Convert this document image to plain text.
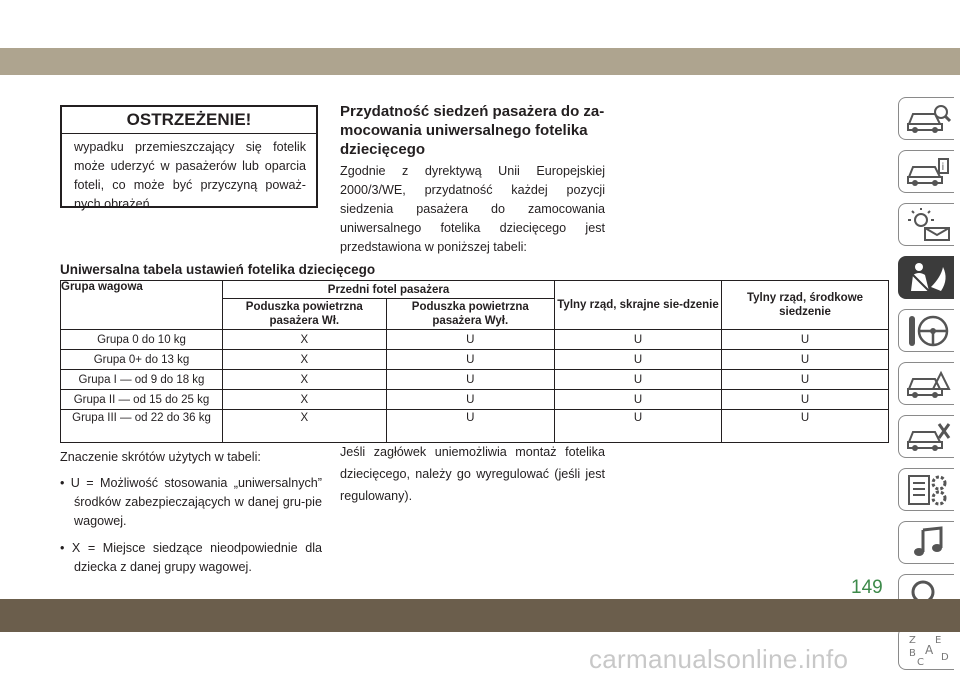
OSTRZEŻENIE!
wypadku przemieszczający się fotelik może uderzyć w pasażerów lub oparcia foteli, co może być przyczyną poważ-nych obrażeń.
Przydatność siedzeń pasażera do za-mocowania uniwersalnego fotelika dziecięcego
Zgodnie z dyrektywą Unii Europejskiej 2000/3/WE, przydatność każdej pozycji siedzenia pasażera do zamocowania uniwersalnego fotelika dziecięcego jest przedstawiona w poniższej tabeli:
Uniwersalna tabela ustawień fotelika dziecięcego
Grupa wagowa	Przedni fotel pasażera		Tylny rząd, skrajne sie-dzenie	Tylny rząd, środkowe siedzenie
	Poduszka powietrzna pasażera Wł.	Poduszka powietrzna pasażera Wył.		
Grupa 0 do 10 kg	X	U	U	U
Grupa 0+ do 13 kg	X	U	U	U
Grupa I — od 9 do 18 kg	X	U	U	U
Grupa II — od 15 do 25 kg	X	U	U	U
Grupa III — od 22 do 36 kg	X	U	U	U

Znaczenie skrótów użytych w tabeli:

• U = Możliwość stosowania „uniwersalnych” środków zabezpieczających w danej gru-pie wagowej.
• X = Miejsce siedzące nieodpowiednie dla dziecka z danej grupy wagowej.
Jeśli zagłówek uniemożliwia montaż fotelika dziecięcego, należy go wyregulować (jeśli jest regulowany).
i
Z E
B A
C D
149
carmanualsonline.info
